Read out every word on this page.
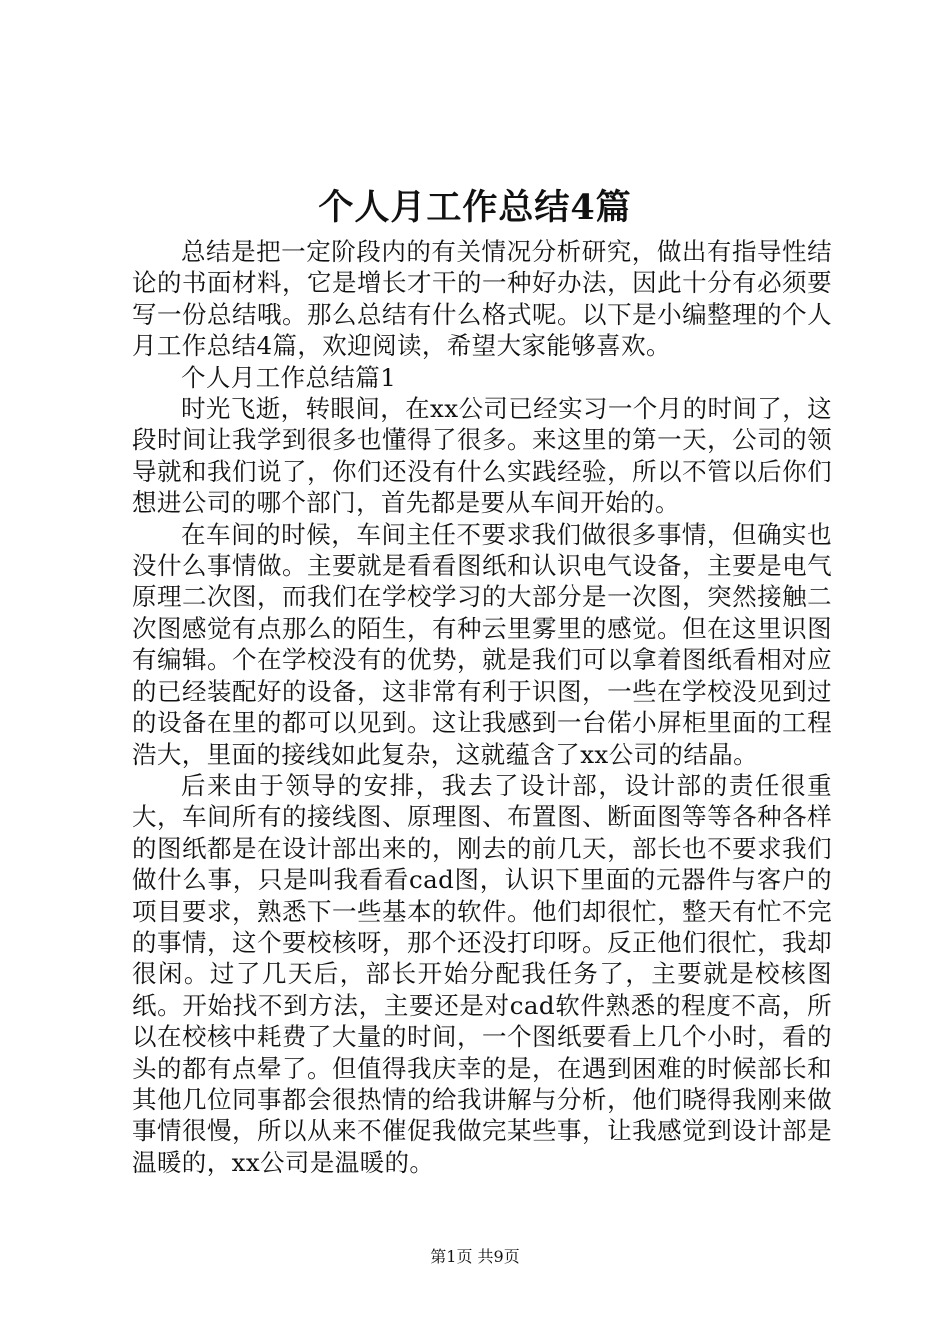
个人月工作总结4篇

总结是把一定阶段内的有关情况分析研究，做出有指导性结论的书面材料，它是增长才干的一种好办法，因此十分有必须要写一份总结哦。那么总结有什么格式呢。以下是小编整理的个人月工作总结4篇，欢迎阅读，希望大家能够喜欢。

个人月工作总结篇1

时光飞逝，转眼间，在xx公司已经实习一个月的时间了，这段时间让我学到很多也懂得了很多。来这里的第一天，公司的领导就和我们说了，你们还没有什么实践经验，所以不管以后你们想进公司的哪个部门，首先都是要从车间开始的。

在车间的时候，车间主任不要求我们做很多事情，但确实也没什么事情做。主要就是看看图纸和认识电气设备，主要是电气原理二次图，而我们在学校学习的大部分是一次图，突然接触二次图感觉有点那么的陌生，有种云里雾里的感觉。但在这里识图有编辑。个在学校没有的优势，就是我们可以拿着图纸看相对应的已经装配好的设备，这非常有利于识图，一些在学校没见到过的设备在里的都可以见到。这让我感到一台偌小屏柜里面的工程浩大，里面的接线如此复杂，这就蕴含了xx公司的结晶。

后来由于领导的安排，我去了设计部，设计部的责任很重大，车间所有的接线图、原理图、布置图、断面图等等各种各样的图纸都是在设计部出来的，刚去的前几天，部长也不要求我们做什么事，只是叫我看看cad图，认识下里面的元器件与客户的项目要求，熟悉下一些基本的软件。他们却很忙，整天有忙不完的事情，这个要校核呀，那个还没打印呀。反正他们很忙，我却很闲。过了几天后，部长开始分配我任务了，主要就是校核图纸。开始找不到方法，主要还是对cad软件熟悉的程度不高，所以在校核中耗费了大量的时间，一个图纸要看上几个小时，看的头的都有点晕了。但值得我庆幸的是，在遇到困难的时候部长和其他几位同事都会很热情的给我讲解与分析，他们晓得我刚来做事情很慢，所以从来不催促我做完某些事，让我感觉到设计部是温暖的，xx公司是温暖的。

第1页 共9页
